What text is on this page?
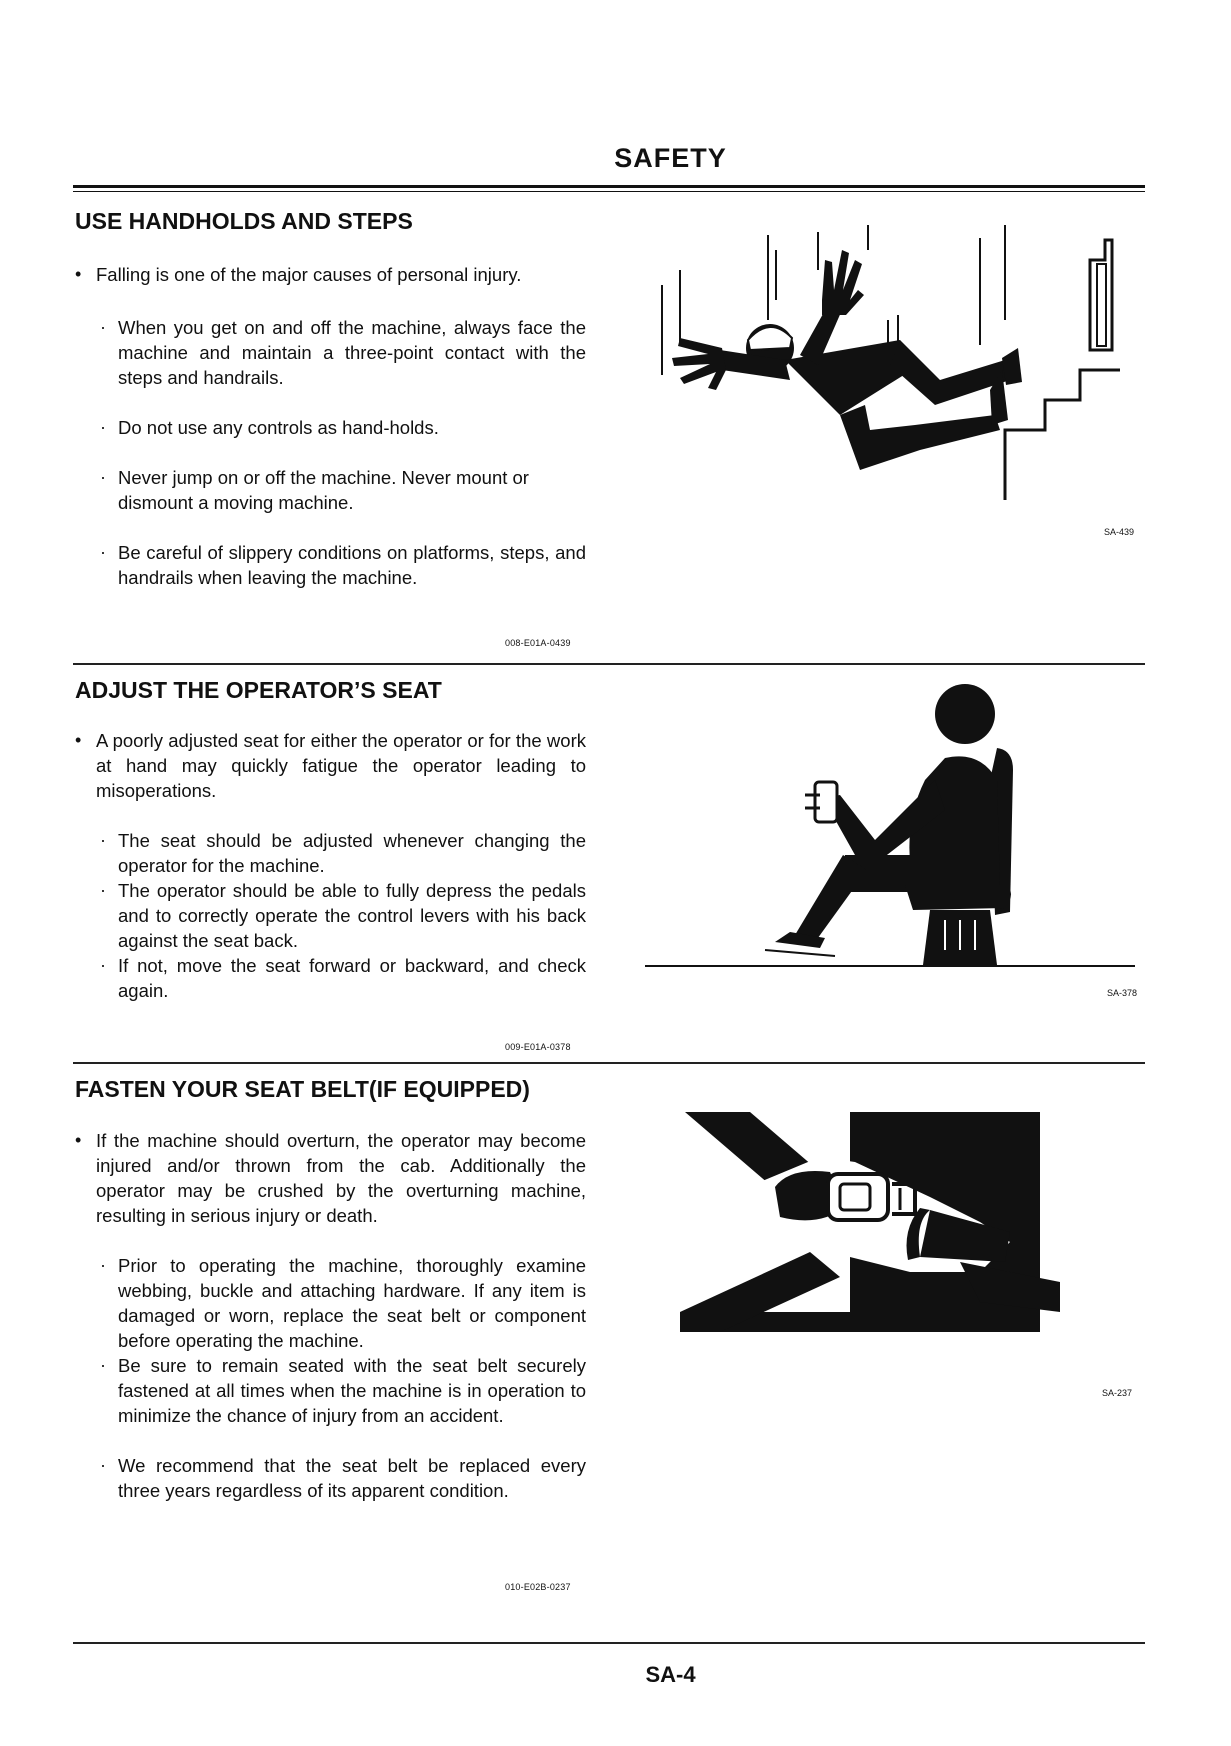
SAFETY
USE HANDHOLDS AND STEPS
• Falling is one of the major causes of personal injury.
· When you get on and off the machine, always face the machine and maintain a three-point contact with the steps and handrails.
· Do not use any controls as hand-holds.
· Never jump on or off the machine. Never mount or dismount a moving machine.
· Be careful of slippery conditions on platforms, steps, and handrails when leaving the machine.
008-E01A-0439
SA-439
ADJUST THE OPERATOR’S SEAT
• A poorly adjusted seat for either the operator or for the work at hand may quickly fatigue the operator leading to misoperations.
· The seat should be adjusted whenever changing the operator for the machine.
· The operator should be able to fully depress the pedals and to correctly operate the control levers with his back against the seat back.
· If not, move the seat forward or backward, and check again.
009-E01A-0378
SA-378
FASTEN YOUR SEAT BELT(IF EQUIPPED)
• If the machine should overturn, the operator may become injured and/or thrown from the cab. Additionally the operator may be crushed by the overturning machine, resulting in serious injury or death.
· Prior to operating the machine, thoroughly examine webbing, buckle and attaching hardware. If any item is damaged or worn, replace the seat belt or component before operating the machine.
· Be sure to remain seated with the seat belt securely fastened at all times when the machine is in operation to minimize the chance of injury from an accident.
· We recommend that the seat belt be replaced every three years regardless of its apparent condition.
010-E02B-0237
SA-237
SA-4
